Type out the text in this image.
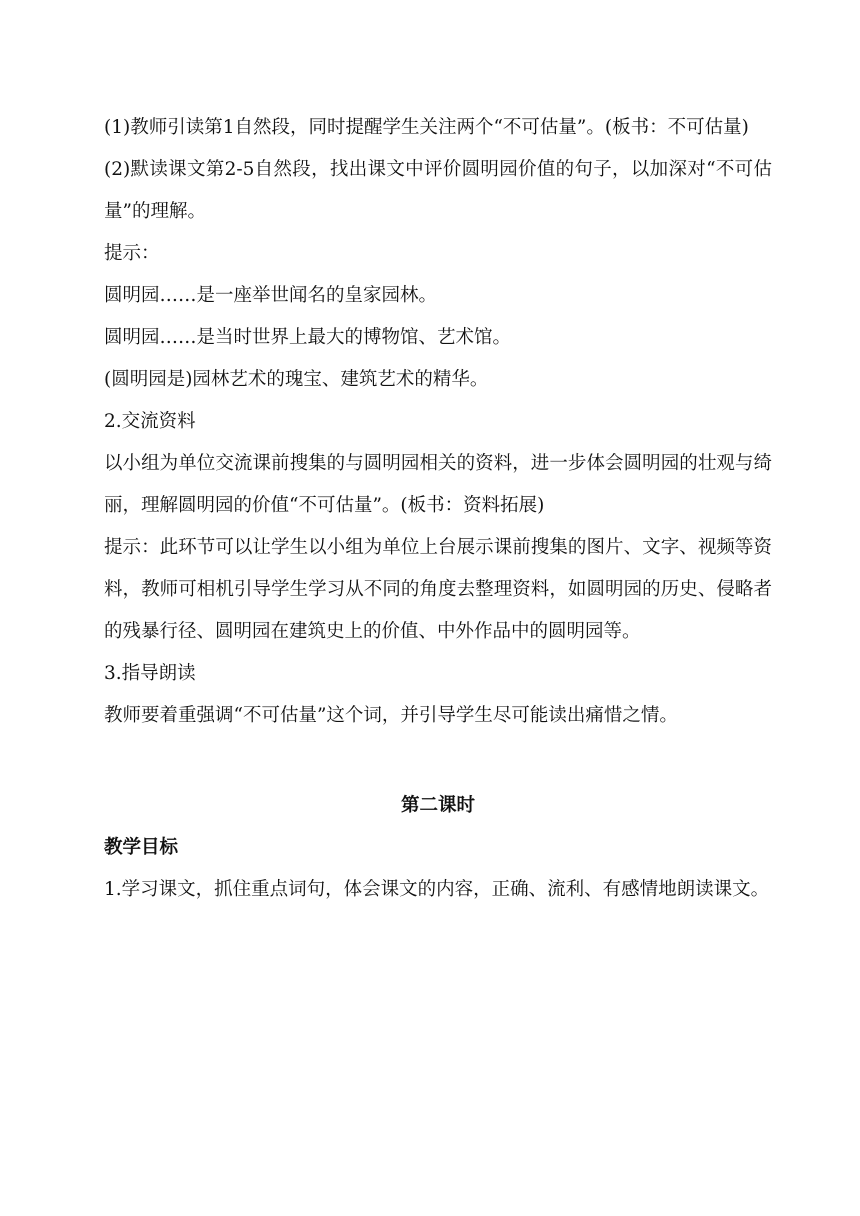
(1)教师引读第1自然段，同时提醒学生关注两个“不可估量”。(板书：不可估量)

(2)默读课文第2-5自然段，找出课文中评价圆明园价值的句子，以加深对“不可估量”的理解。

提示：

圆明园……是一座举世闻名的皇家园林。

圆明园……是当时世界上最大的博物馆、艺术馆。

(圆明园是)园林艺术的瑰宝、建筑艺术的精华。

2.交流资料

以小组为单位交流课前搜集的与圆明园相关的资料，进一步体会圆明园的壮观与绮丽，理解圆明园的价值“不可估量”。(板书：资料拓展)

提示：此环节可以让学生以小组为单位上台展示课前搜集的图片、文字、视频等资料，教师可相机引导学生学习从不同的角度去整理资料，如圆明园的历史、侵略者的残暴行径、圆明园在建筑史上的价值、中外作品中的圆明园等。

3.指导朗读

教师要着重强调“不可估量”这个词，并引导学生尽可能读出痛惜之情。

第二课时

教学目标

1.学习课文，抓住重点词句，体会课文的内容，正确、流利、有感情地朗读课文。
